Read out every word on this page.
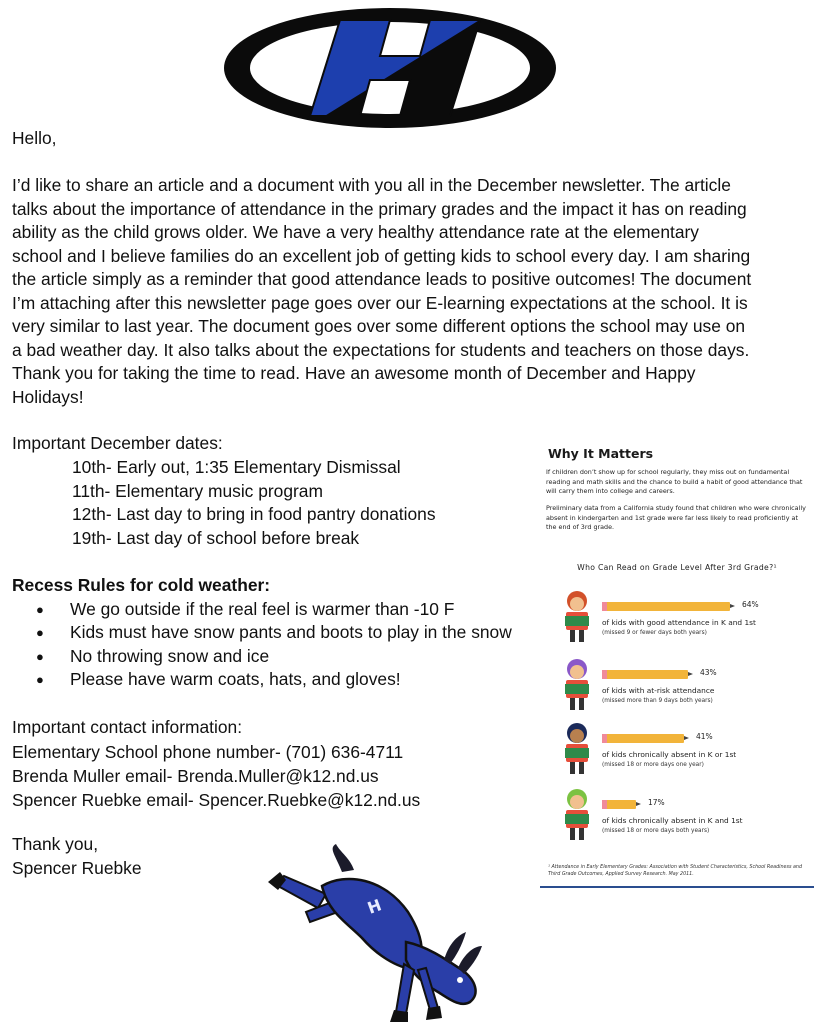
Hello,
I’d like to share an article and a document with you all in the December newsletter. The article
talks about the importance of attendance in the primary grades and the impact it has on reading
ability as the child grows older. We have a very healthy attendance rate at the elementary
school and I believe families do an excellent job of getting kids to school every day. I am sharing
the article simply as a reminder that good attendance leads to positive outcomes! The document
I’m attaching after this newsletter page goes over our E-learning expectations at the school. It is
very similar to last year. The document goes over some different options the school may use on
a bad weather day. It also talks about the expectations for students and teachers on those days.
Thank you for taking the time to read. Have an awesome month of December and Happy
Holidays!
Important December dates:
10th- Early out, 1:35 Elementary Dismissal
11th- Elementary music program
12th- Last day to bring in food pantry donations
19th- Last day of school before break
Recess Rules for cold weather:
● We go outside if the real feel is warmer than -10 F
● Kids must have snow pants and boots to play in the snow
● No throwing snow and ice
● Please have warm coats, hats, and gloves!
Important contact information:
Elementary School phone number- (701) 636-4711
Brenda Muller email- Brenda.Muller@k12.nd.us
Spencer Ruebke email- Spencer.Ruebke@k12.nd.us
Thank you,
Spencer Ruebke
H
Why It Matters
If children don’t show up for school regularly, they miss out on fundamental reading and math skills and the chance to build a habit of good attendance that will carry them into college and careers.
Preliminary data from a California study found that children who were chronically absent in kindergarten and 1st grade were far less likely to read proficiently at the end of 3rd grade.
Who Can Read on Grade Level After 3rd Grade?¹
64%
of kids with good attendance in K and 1st
(missed 9 or fewer days both years)
43%
of kids with at-risk attendance
(missed more than 9 days both years)
41%
of kids chronically absent in K or 1st
(missed 18 or more days one year)
17%
of kids chronically absent in K and 1st
(missed 18 or more days both years)
¹ Attendance in Early Elementary Grades: Association with Student Characteristics, School Readiness and Third Grade Outcomes, Applied Survey Research. May 2011.
